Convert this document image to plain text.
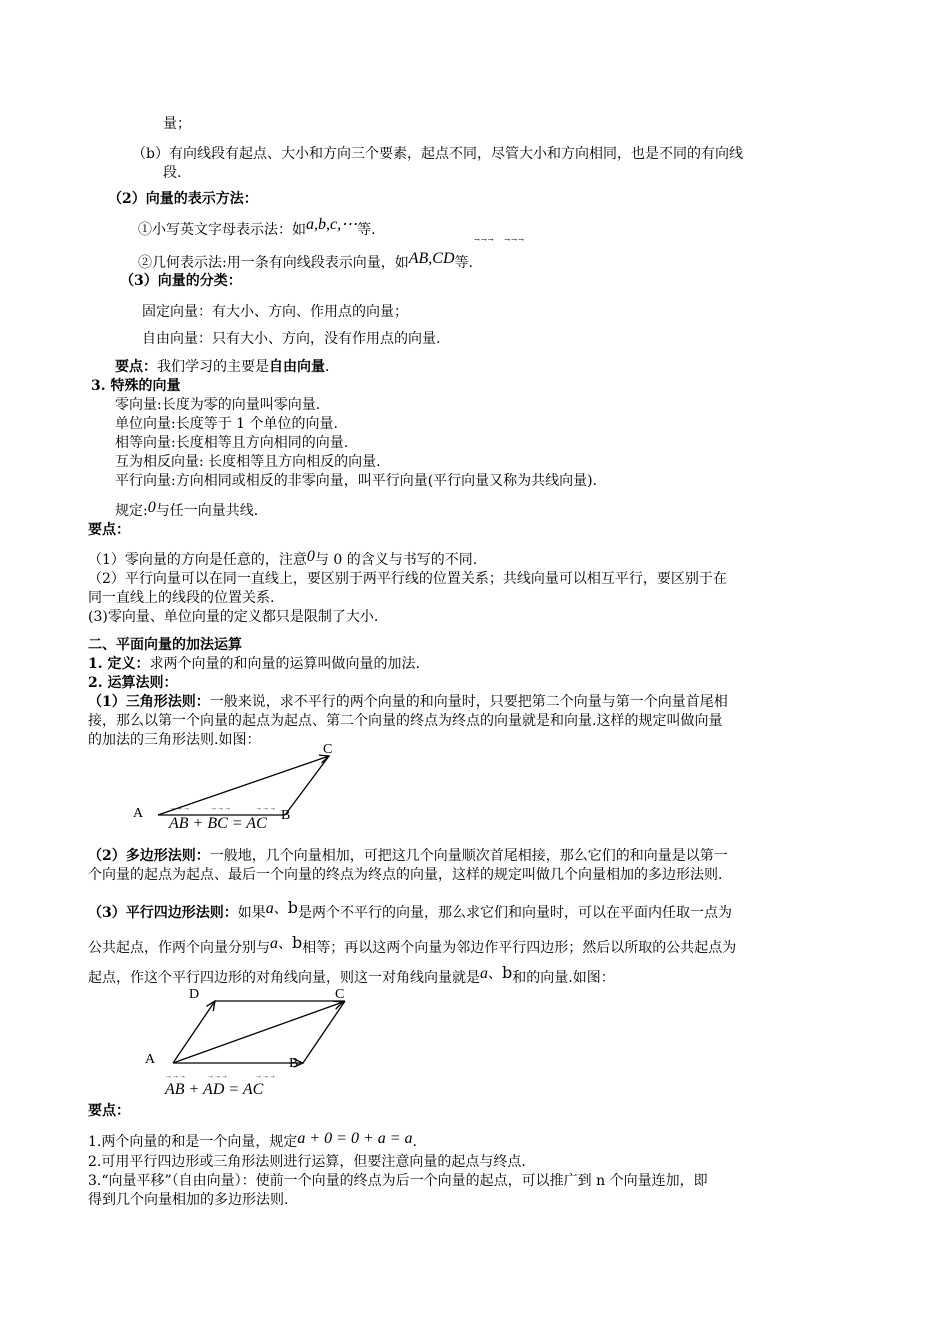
量；
（b）有向线段有起点、大小和方向三个要素，起点不同，尽管大小和方向相同，也是不同的有向线
段.
（2）向量的表示方法：
①小写英文字母表示法：如a,b,c,⋯等.
→→→   →→→
②几何表示法:用一条有向线段表示向量，如AB,CD等.
（3）向量的分类：
固定向量：有大小、方向、作用点的向量；
自由向量：只有大小、方向，没有作用点的向量.
要点：我们学习的主要是自由向量.
3. 特殊的向量
零向量:长度为零的向量叫零向量.
单位向量:长度等于 1 个单位的向量.
相等向量:长度相等且方向相同的向量.
互为相反向量: 长度相等且方向相反的向量.
平行向量:方向相同或相反的非零向量，叫平行向量(平行向量又称为共线向量).
规定:0与任一向量共线.
要点：
（1）零向量的方向是任意的，注意0与 0 的含义与书写的不同.
（2）平行向量可以在同一直线上，要区别于两平行线的位置关系；共线向量可以相互平行，要区别于在
同一直线上的线段的位置关系.
(3)零向量、单位向量的定义都只是限制了大小.
二、平面向量的加法运算
1. 定义：求两个向量的和向量的运算叫做向量的加法.
2. 运算法则：
（1）三角形法则：一般来说，求不平行的两个向量的和向量时，只要把第二个向量与第一个向量首尾相
接，那么以第一个向量的起点为起点、第二个向量的终点为终点的向量就是和向量.这样的规定叫做向量
的加法的三角形法则.如图：
A	B
C
→→→	→→→	→→→
AB + BC = AC
（2）多边形法则：一般地，几个向量相加，可把这几个向量顺次首尾相接，那么它们的和向量是以第一
个向量的起点为起点、最后一个向量的终点为终点的向量，这样的规定叫做几个向量相加的多边形法则.
（3）平行四边形法则：如果a、b是两个不平行的向量，那么求它们和向量时，可以在平面内任取一点为
公共起点，作两个向量分别与a、b相等；再以这两个向量为邻边作平行四边形；然后以所取的公共起点为
起点，作这个平行四边形的对角线向量，则这一对角线向量就是a、b和的向量.如图：
A	B
C
D
→→→	→→→	→→→
AB + AD = AC
要点：
1.两个向量的和是一个向量，规定a + 0 = 0 + a = a.
2.可用平行四边形或三角形法则进行运算，但要注意向量的起点与终点.
3.“向量平移”（自由向量）：使前一个向量的终点为后一个向量的起点，可以推广到 n 个向量连加，即
得到几个向量相加的多边形法则.
